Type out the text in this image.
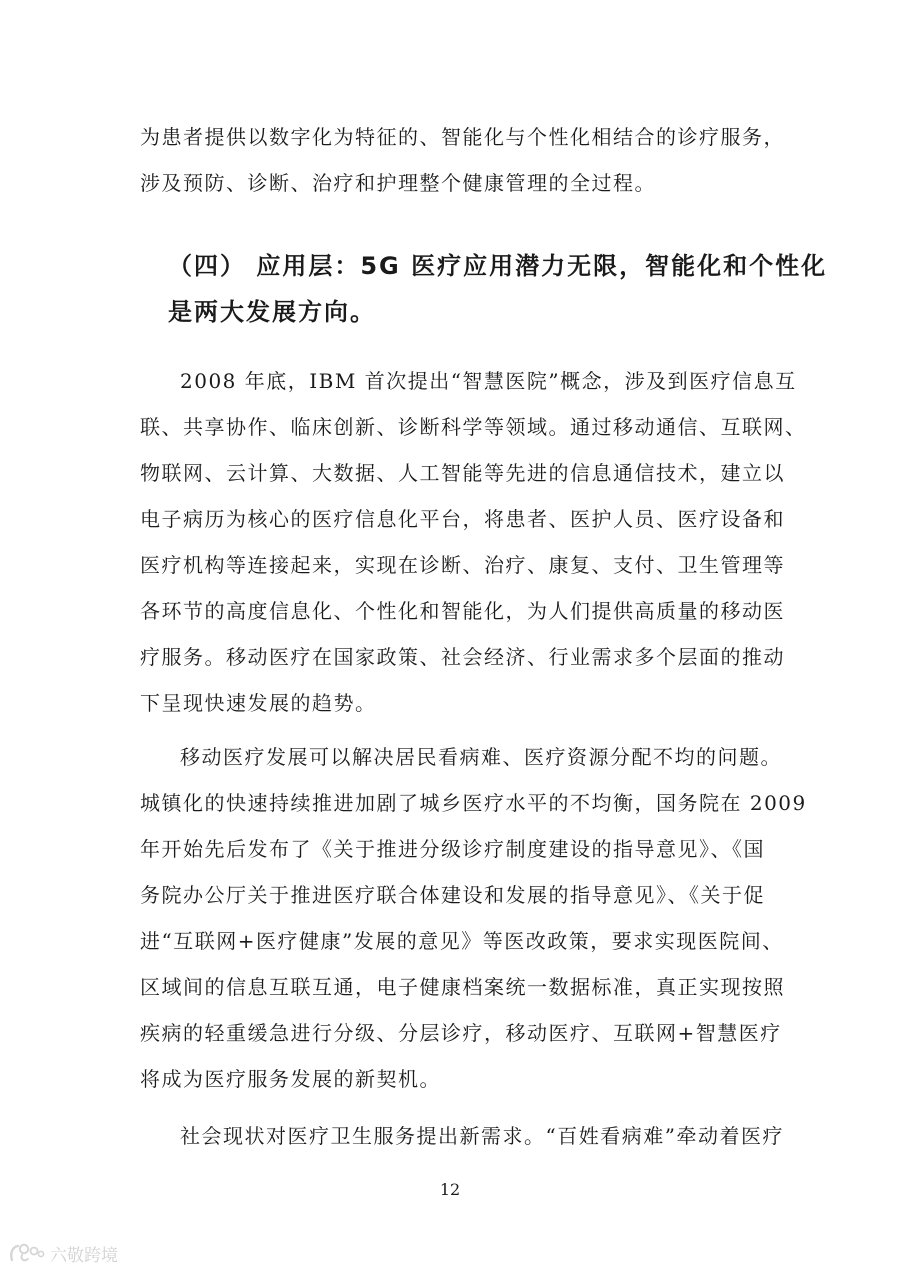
为患者提供以数字化为特征的、智能化与个性化相结合的诊疗服务，
涉及预防、诊断、治疗和护理整个健康管理的全过程。
（四） 应用层：5G 医疗应用潜力无限，智能化和个性化
是两大发展方向。
2008 年底，IBM 首次提出“智慧医院”概念，涉及到医疗信息互
联、共享协作、临床创新、诊断科学等领域。通过移动通信、互联网、
物联网、云计算、大数据、人工智能等先进的信息通信技术，建立以
电子病历为核心的医疗信息化平台，将患者、医护人员、医疗设备和
医疗机构等连接起来，实现在诊断、治疗、康复、支付、卫生管理等
各环节的高度信息化、个性化和智能化，为人们提供高质量的移动医
疗服务。移动医疗在国家政策、社会经济、行业需求多个层面的推动
下呈现快速发展的趋势。
移动医疗发展可以解决居民看病难、医疗资源分配不均的问题。
城镇化的快速持续推进加剧了城乡医疗水平的不均衡，国务院在 2009
年开始先后发布了《关于推进分级诊疗制度建设的指导意见》、《国
务院办公厅关于推进医疗联合体建设和发展的指导意见》、《关于促
进“互联网+医疗健康”发展的意见》等医改政策，要求实现医院间、
区域间的信息互联互通，电子健康档案统一数据标准，真正实现按照
疾病的轻重缓急进行分级、分层诊疗，移动医疗、互联网+智慧医疗
将成为医疗服务发展的新契机。
社会现状对医疗卫生服务提出新需求。“百姓看病难”牵动着医疗
12
六敬跨境
